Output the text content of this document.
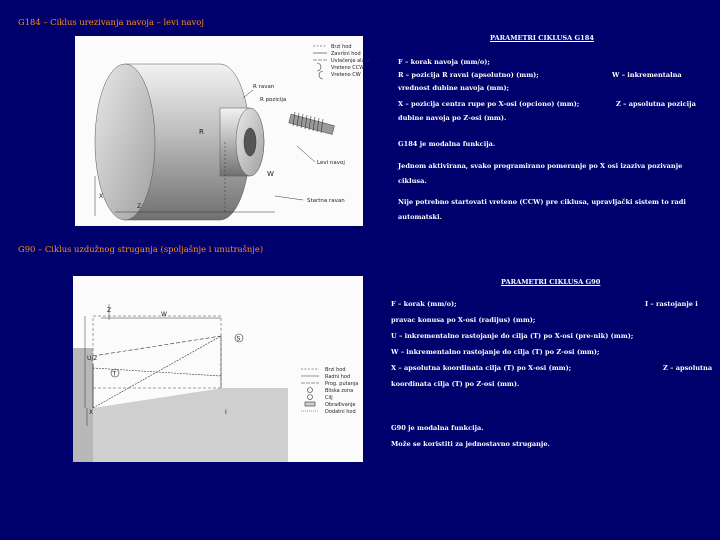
G184 – Ciklus urezivanja navoja – levi navoj
X
Z
R
W
R ravan
R pozicija
Levi navoj
Startna ravan
Brzi hod
Završni hod
Uvlačenje alata
Vreteno CCW
Vreteno CW
PARAMETRI CIKLUSA G184
F – korak navoja (mm/o);
R – pozicija R ravni (apsolutno) (mm);	W – inkrementalna
vrednost dubine navoja (mm);
X – pozicija centra rupe po X-osi (opciono) (mm);	Z – apsolutna pozicija
dubine navoja po Z-osi (mm).
G184 je modalna funkcija.
Jednom aktivirana, svako programirano pomeranje po X osi izaziva pozivanje
ciklusa.
Nije potrebno startovati vreteno (CCW) pre ciklusa, upravljački sistem to radi
automatski.
G90 – Ciklus uzdužnog struganja (spoljašnje i unutrašnje)
W
Z
U/2
X
S
T
I
Brzi hod
Radni hod
Prog. putanja
Bliska zona
Cilj
Obrađivanje
Dodatni hod
PARAMETRI CIKLUSA G90
F – korak (mm/o);	I – rastojanje i
pravac konusa po X-osi (radijus) (mm);
U – inkrementalno rastojanje do cilja (T) po X-osi (pre-nik) (mm);
W – inkrementalno rastojanje do cilja (T) po Z-osi (mm);
X – apsolutna koordinata cilja (T) po X-osi (mm);	Z – apsolutna
koordinata cilja (T) po Z-osi (mm).
G90 je modalna funkcija.
Može se koristiti za jednostavno struganje.
